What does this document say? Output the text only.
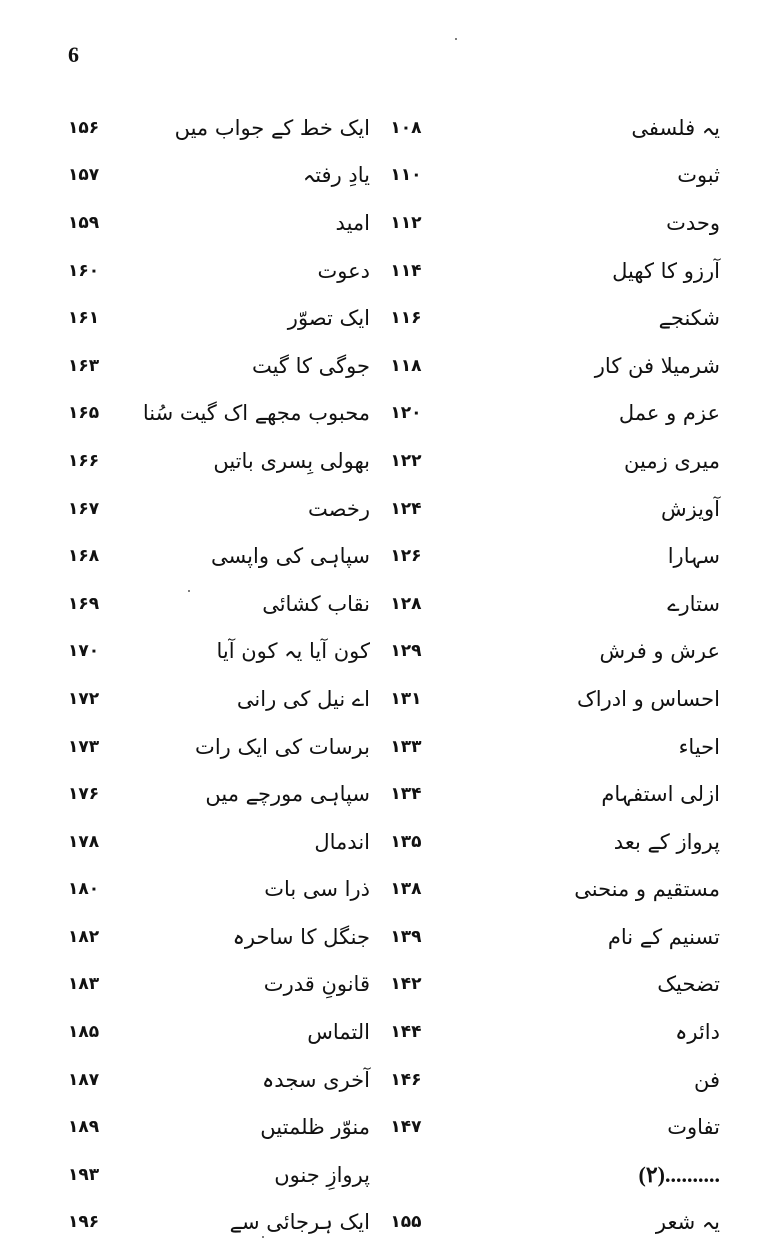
6
یہ فلسفی
۱۰۸
ایک خط کے جواب میں
۱۵۶
ثبوت
۱۱۰
یادِ رفتہ
۱۵۷
وحدت
۱۱۲
امید
۱۵۹
آرزو کا کھیل
۱۱۴
دعوت
۱۶۰
شکنجے
۱۱۶
ایک تصوّر
۱۶۱
شرمیلا فن کار
۱۱۸
جوگی کا گیت
۱۶۳
عزم و عمل
۱۲۰
محبوب مجھے اک گیت سُنا
۱۶۵
میری زمین
۱۲۲
بھولی بِسری باتیں
۱۶۶
آویزش
۱۲۴
رخصت
۱۶۷
سہارا
۱۲۶
سپاہی کی واپسی
۱۶۸
ستارے
۱۲۸
نقاب کشائی
۱۶۹
عرش و فرش
۱۲۹
کون آیا یہ کون آیا
۱۷۰
احساس و ادراک
۱۳۱
اے نیل کی رانی
۱۷۲
احیاء
۱۳۳
برسات کی ایک رات
۱۷۳
ازلی استفہام
۱۳۴
سپاہی مورچے میں
۱۷۶
پرواز کے بعد
۱۳۵
اندمال
۱۷۸
مستقیم و منحنی
۱۳۸
ذرا سی بات
۱۸۰
تسنیم کے نام
۱۳۹
جنگل کا ساحرہ
۱۸۲
تضحیک
۱۴۲
قانونِ قدرت
۱۸۳
دائرہ
۱۴۴
التماس
۱۸۵
فن
۱۴۶
آخری سجدہ
۱۸۷
تفاوت
۱۴۷
منوّر ظلمتیں
۱۸۹
(۲)..........
پروازِ جنوں
۱۹۳
یہ شعر
۱۵۵
ایک ہرجائی سے
۱۹۶
